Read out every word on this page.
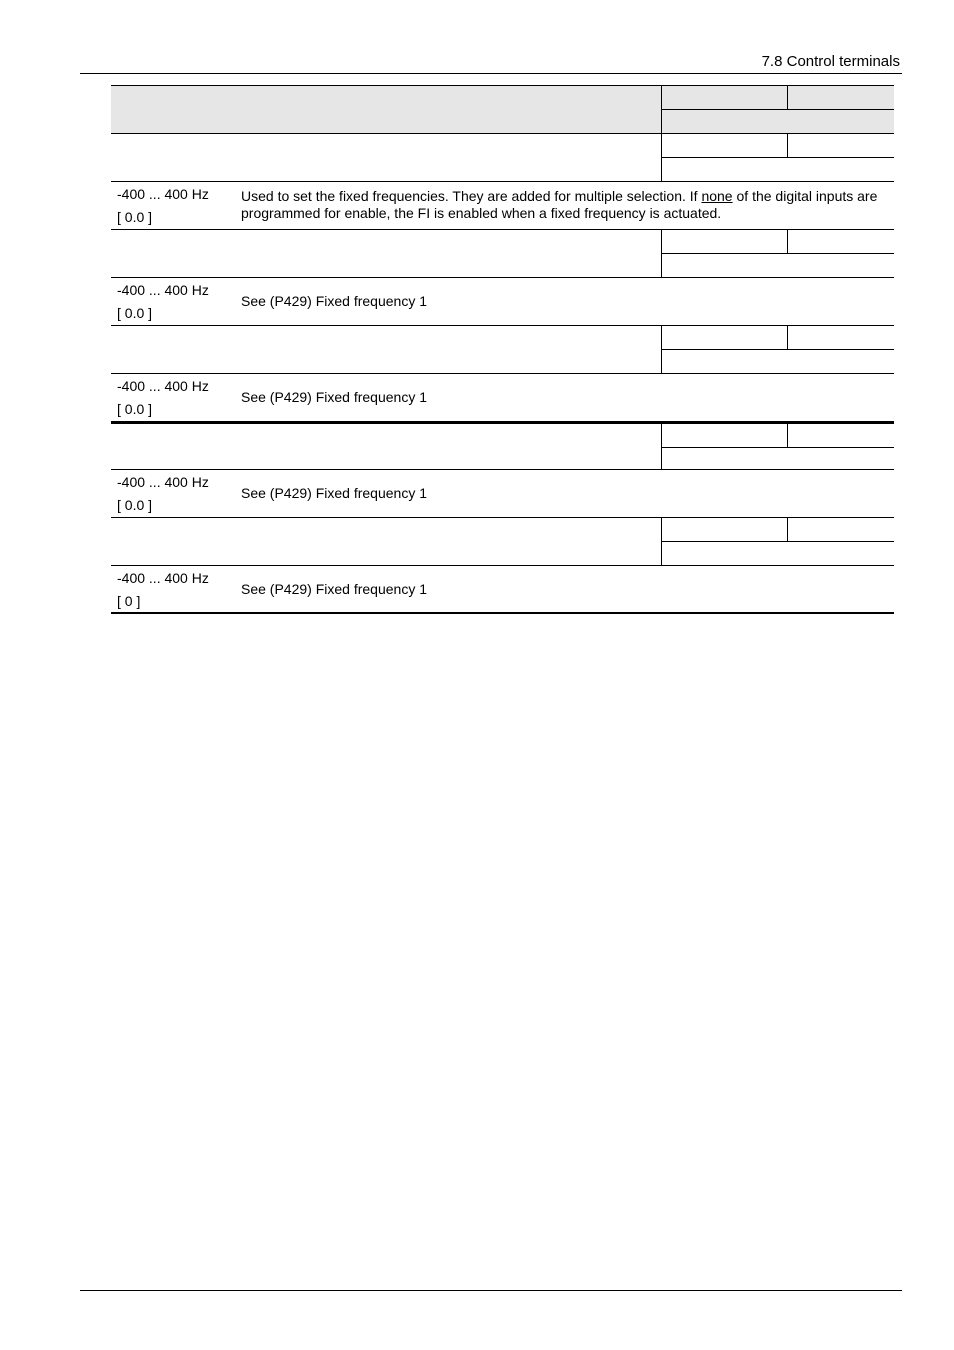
7.8 Control terminals
-400 ... 400 Hz
[ 0.0 ]
Used to set the fixed frequencies. They are added for multiple selection. If none of the digital inputs are programmed for enable, the FI is enabled when a fixed frequency is actuated.
-400 ... 400 Hz
[ 0.0 ]
See (P429) Fixed frequency 1
-400 ... 400 Hz
[ 0.0 ]
See (P429) Fixed frequency 1
-400 ... 400 Hz
[ 0.0 ]
See (P429) Fixed frequency 1
-400 ... 400 Hz
[ 0 ]
See (P429) Fixed frequency 1
